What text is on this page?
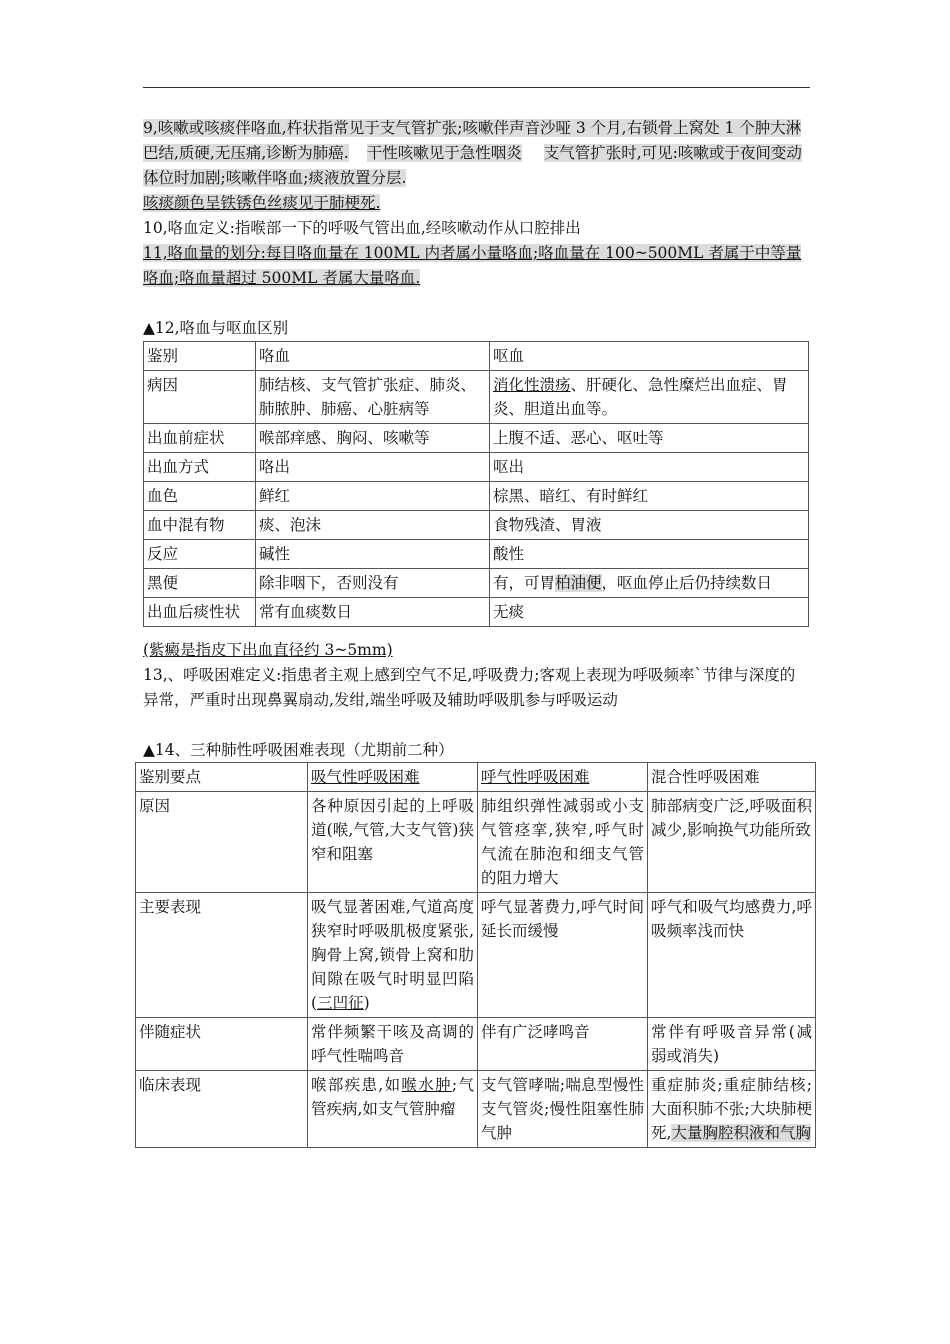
9,咳嗽或咳痰伴咯血,杵状指常见于支气管扩张;咳嗽伴声音沙哑 3 个月,右锁骨上窝处 1 个肿大淋巴结,质硬,无压痛,诊断为肺癌. 干性咳嗽见于急性咽炎 支气管扩张时,可见:咳嗽或于夜间变动体位时加剧;咳嗽伴咯血;痰液放置分层.
咳痰颜色呈铁锈色丝痰见于肺梗死.

10,咯血定义:指喉部一下的呼吸气管出血,经咳嗽动作从口腔排出

11,咯血量的划分:每日咯血量在 100ML 内者属小量咯血;咯血量在 100~500ML 者属于中等量咯血;咯血量超过 500ML 者属大量咯血.

▲12,咯血与呕血区别

鉴别	咯血	呕血
病因	肺结核、支气管扩张症、肺炎、肺脓肿、肺癌、心脏病等	消化性溃疡、肝硬化、急性糜烂出血症、胃炎、胆道出血等。
出血前症状	喉部痒感、胸闷、咳嗽等	上腹不适、恶心、呕吐等
出血方式	咯出	呕出
血色	鲜红	棕黑、暗红、有时鲜红
血中混有物	痰、泡沫	食物残渣、胃液
反应	碱性	酸性
黑便	除非咽下，否则没有	有，可胃柏油便，呕血停止后仍持续数日
出血后痰性状	常有血痰数日	无痰

(紫癜是指皮下出血直径约 3~5mm)

13,、呼吸困难定义:指患者主观上感到空气不足,呼吸费力;客观上表现为呼吸频率`节律与深度的异常，严重时出现鼻翼扇动,发绀,端坐呼吸及辅助呼吸肌参与呼吸运动

▲14、三种肺性呼吸困难表现（尤期前二种）

鉴别要点	吸气性呼吸困难	呼气性呼吸困难	混合性呼吸困难
原因	各种原因引起的上呼吸道(喉,气管,大支气管)狭窄和阻塞	肺组织弹性减弱或小支气管痉挛,狭窄,呼气时气流在肺泡和细支气管的阻力增大	肺部病变广泛,呼吸面积减少,影响换气功能所致
主要表现	吸气显著困难,气道高度狭窄时呼吸肌极度紧张,胸骨上窝,锁骨上窝和肋间隙在吸气时明显凹陷(三凹征)	呼气显著费力,呼气时间延长而缓慢	呼气和吸气均感费力,呼吸频率浅而快
伴随症状	常伴频繁干咳及高调的呼气性喘鸣音	伴有广泛哮鸣音	常伴有呼吸音异常(减弱或消失)
临床表现	喉部疾患,如喉水肿;气管疾病,如支气管肿瘤	支气管哮喘;喘息型慢性支气管炎;慢性阻塞性肺气肿	重症肺炎;重症肺结核;大面积肺不张;大块肺梗死,大量胸腔积液和气胸
